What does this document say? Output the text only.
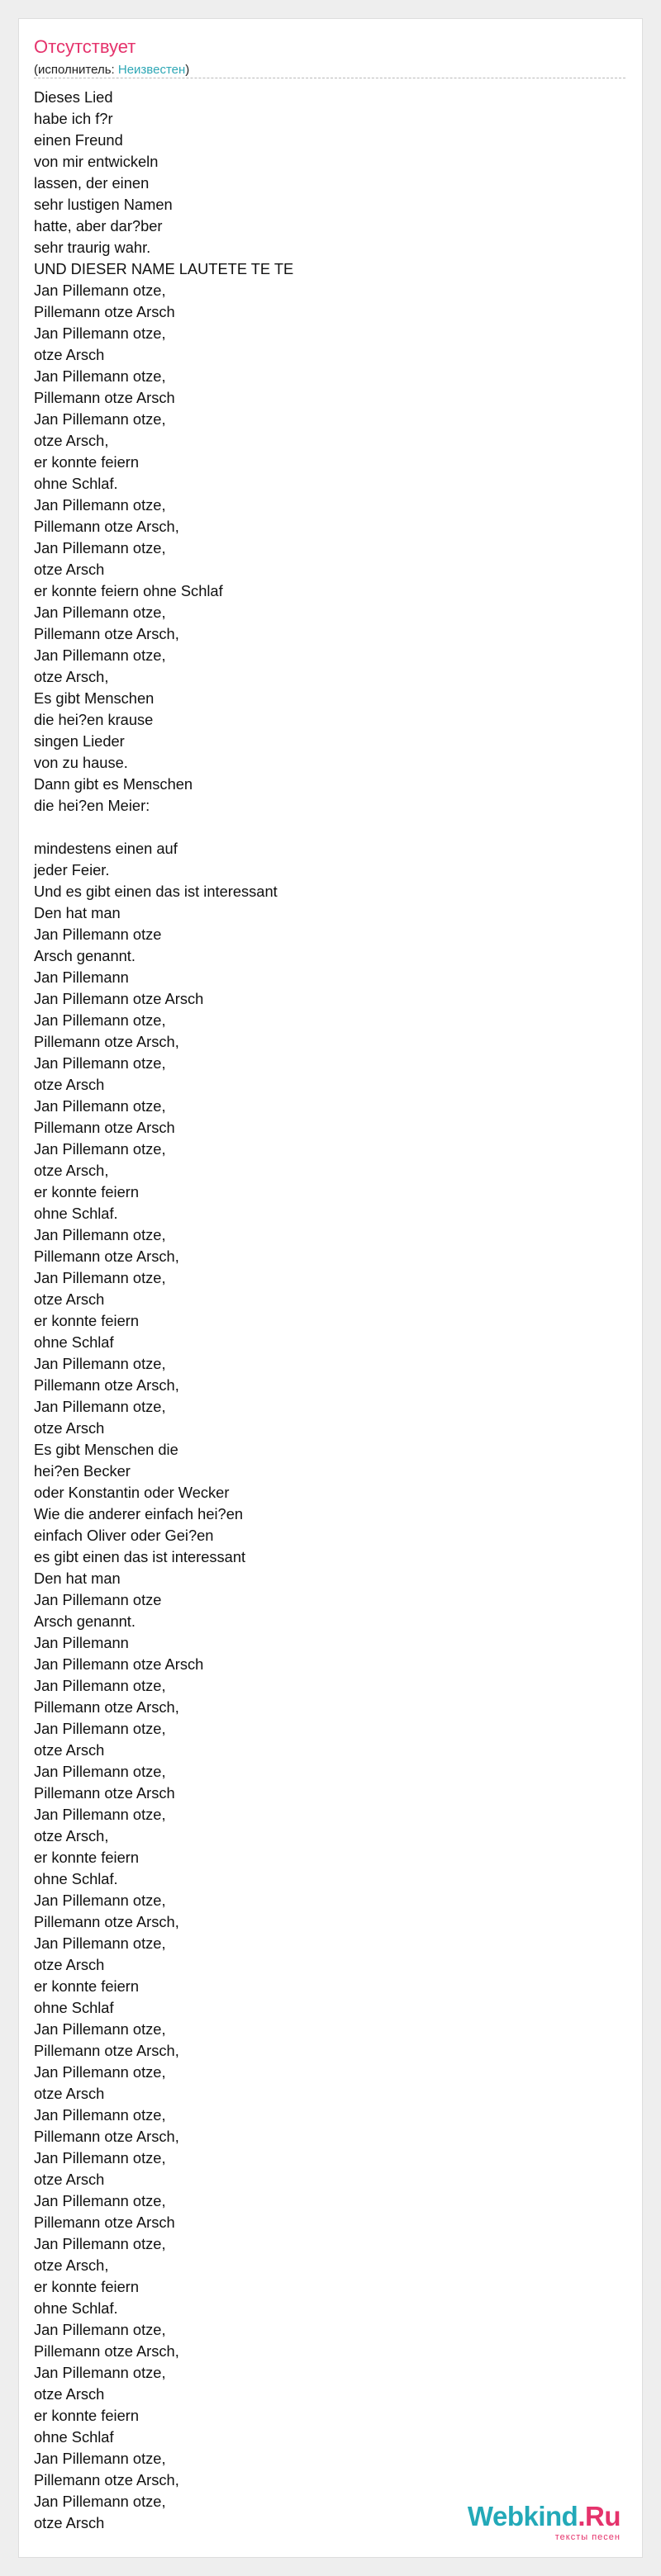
Отсутствует
(исполнитель: Неизвестен)
Dieses Lied
habe ich f?r
einen Freund
von mir entwickeln
lassen, der einen
sehr lustigen Namen
hatte, aber dar?ber
sehr traurig wahr.
UND DIESER NAME LAUTETE TE TE
Jan Pillemann otze,
Pillemann otze Arsch
Jan Pillemann otze,
otze Arsch
Jan Pillemann otze,
Pillemann otze Arsch
Jan Pillemann otze,
otze Arsch,
er konnte feiern
ohne Schlaf.
Jan Pillemann otze,
Pillemann otze Arsch,
Jan Pillemann otze,
otze Arsch
er konnte feiern ohne Schlaf
Jan Pillemann otze,
Pillemann otze Arsch,
Jan Pillemann otze,
otze Arsch,
Es gibt Menschen
die hei?en krause
singen Lieder
von zu hause.
Dann gibt es Menschen
die hei?en Meier:
mindestens einen auf
jeder Feier.
Und es gibt einen das ist interessant
Den hat man
Jan Pillemann otze
Arsch genannt.
Jan Pillemann
Jan Pillemann otze Arsch
Jan Pillemann otze,
Pillemann otze Arsch,
Jan Pillemann otze,
otze Arsch
Jan Pillemann otze,
Pillemann otze Arsch
Jan Pillemann otze,
otze Arsch,
er konnte feiern
ohne Schlaf.
Jan Pillemann otze,
Pillemann otze Arsch,
Jan Pillemann otze,
otze Arsch
er konnte feiern
ohne Schlaf
Jan Pillemann otze,
Pillemann otze Arsch,
Jan Pillemann otze,
otze Arsch
Es gibt Menschen die
hei?en Becker
oder Konstantin oder Wecker
Wie die anderer einfach hei?en
einfach Oliver oder Gei?en
es gibt einen das ist interessant
Den hat man
Jan Pillemann otze
Arsch genannt.
Jan Pillemann
Jan Pillemann otze Arsch
Jan Pillemann otze,
Pillemann otze Arsch,
Jan Pillemann otze,
otze Arsch
Jan Pillemann otze,
Pillemann otze Arsch
Jan Pillemann otze,
otze Arsch,
er konnte feiern
ohne Schlaf.
Jan Pillemann otze,
Pillemann otze Arsch,
Jan Pillemann otze,
otze Arsch
er konnte feiern
ohne Schlaf
Jan Pillemann otze,
Pillemann otze Arsch,
Jan Pillemann otze,
otze Arsch
Jan Pillemann otze,
Pillemann otze Arsch,
Jan Pillemann otze,
otze Arsch
Jan Pillemann otze,
Pillemann otze Arsch
Jan Pillemann otze,
otze Arsch,
er konnte feiern
ohne Schlaf.
Jan Pillemann otze,
Pillemann otze Arsch,
Jan Pillemann otze,
otze Arsch
er konnte feiern
ohne Schlaf
Jan Pillemann otze,
Pillemann otze Arsch,
Jan Pillemann otze,
otze Arsch	Webkind.Ru
тексты песен
